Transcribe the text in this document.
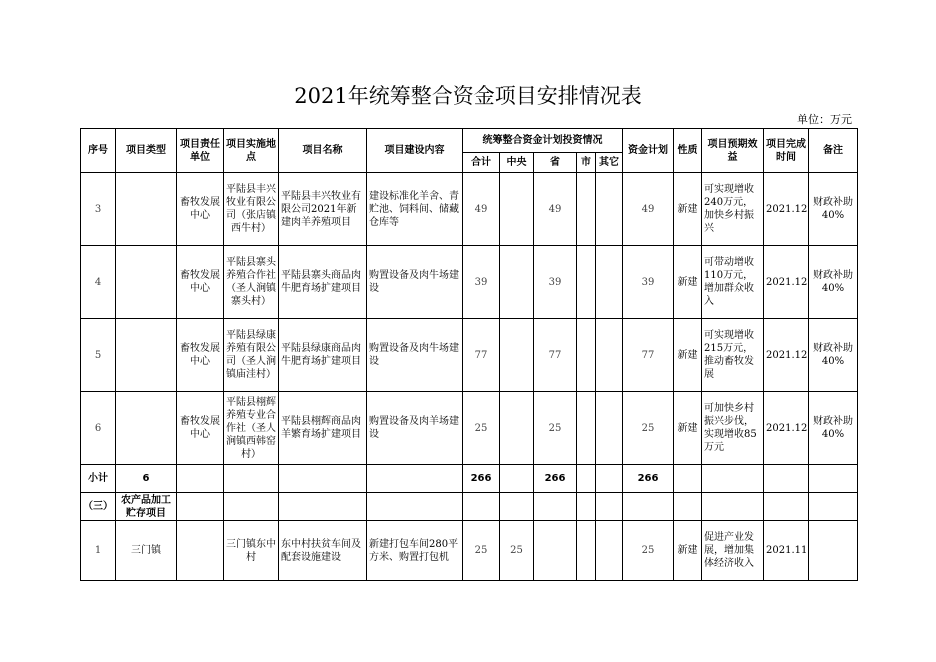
2021年统筹整合资金项目安排情况表
单位：万元
序号	项目类型	项目责任单位	项目实施地点	项目名称	项目建设内容	统筹整合资金计划投资情况					资金计划	性质	项目预期效益	项目完成时间	备注
						合计	中央	省	市	其它					
3		畜牧发展中心	平陆县丰兴牧业有限公司（张店镇西牛村）	平陆县丰兴牧业有限公司2021年新建肉羊养殖项目	建设标准化羊舍、青贮池、饲料间、储藏仓库等	49		49			49	新建	可实现增收240万元，加快乡村振兴	2021.12	财政补助40%
4		畜牧发展中心	平陆县寨头养殖合作社（圣人涧镇寨头村）	平陆县寨头商品肉牛肥育场扩建项目	购置设备及肉牛场建设	39		39			39	新建	可带动增收110万元，增加群众收入	2021.12	财政补助40%
5		畜牧发展中心	平陆县绿康养殖有限公司（圣人涧镇庙洼村）	平陆县绿康商品肉牛肥育场扩建项目	购置设备及肉牛场建设	77		77			77	新建	可实现增收215万元，推动畜牧发展	2021.12	财政补助40%
6		畜牧发展中心	平陆县栩辉养殖专业合作社（圣人涧镇西韩窑村）	平陆县栩辉商品肉羊繁育场扩建项目	购置设备及肉羊场建设	25		25			25	新建	可加快乡村振兴步伐，实现增收85万元	2021.12	财政补助40%
小计	6					266		266			266				
（三）	农产品加工贮存项目														
1	三门镇		三门镇东中村	东中村扶贫车间及配套设施建设	新建打包车间280平方米、购置打包机	25	25				25	新建	促进产业发展，增加集体经济收入	2021.11	
